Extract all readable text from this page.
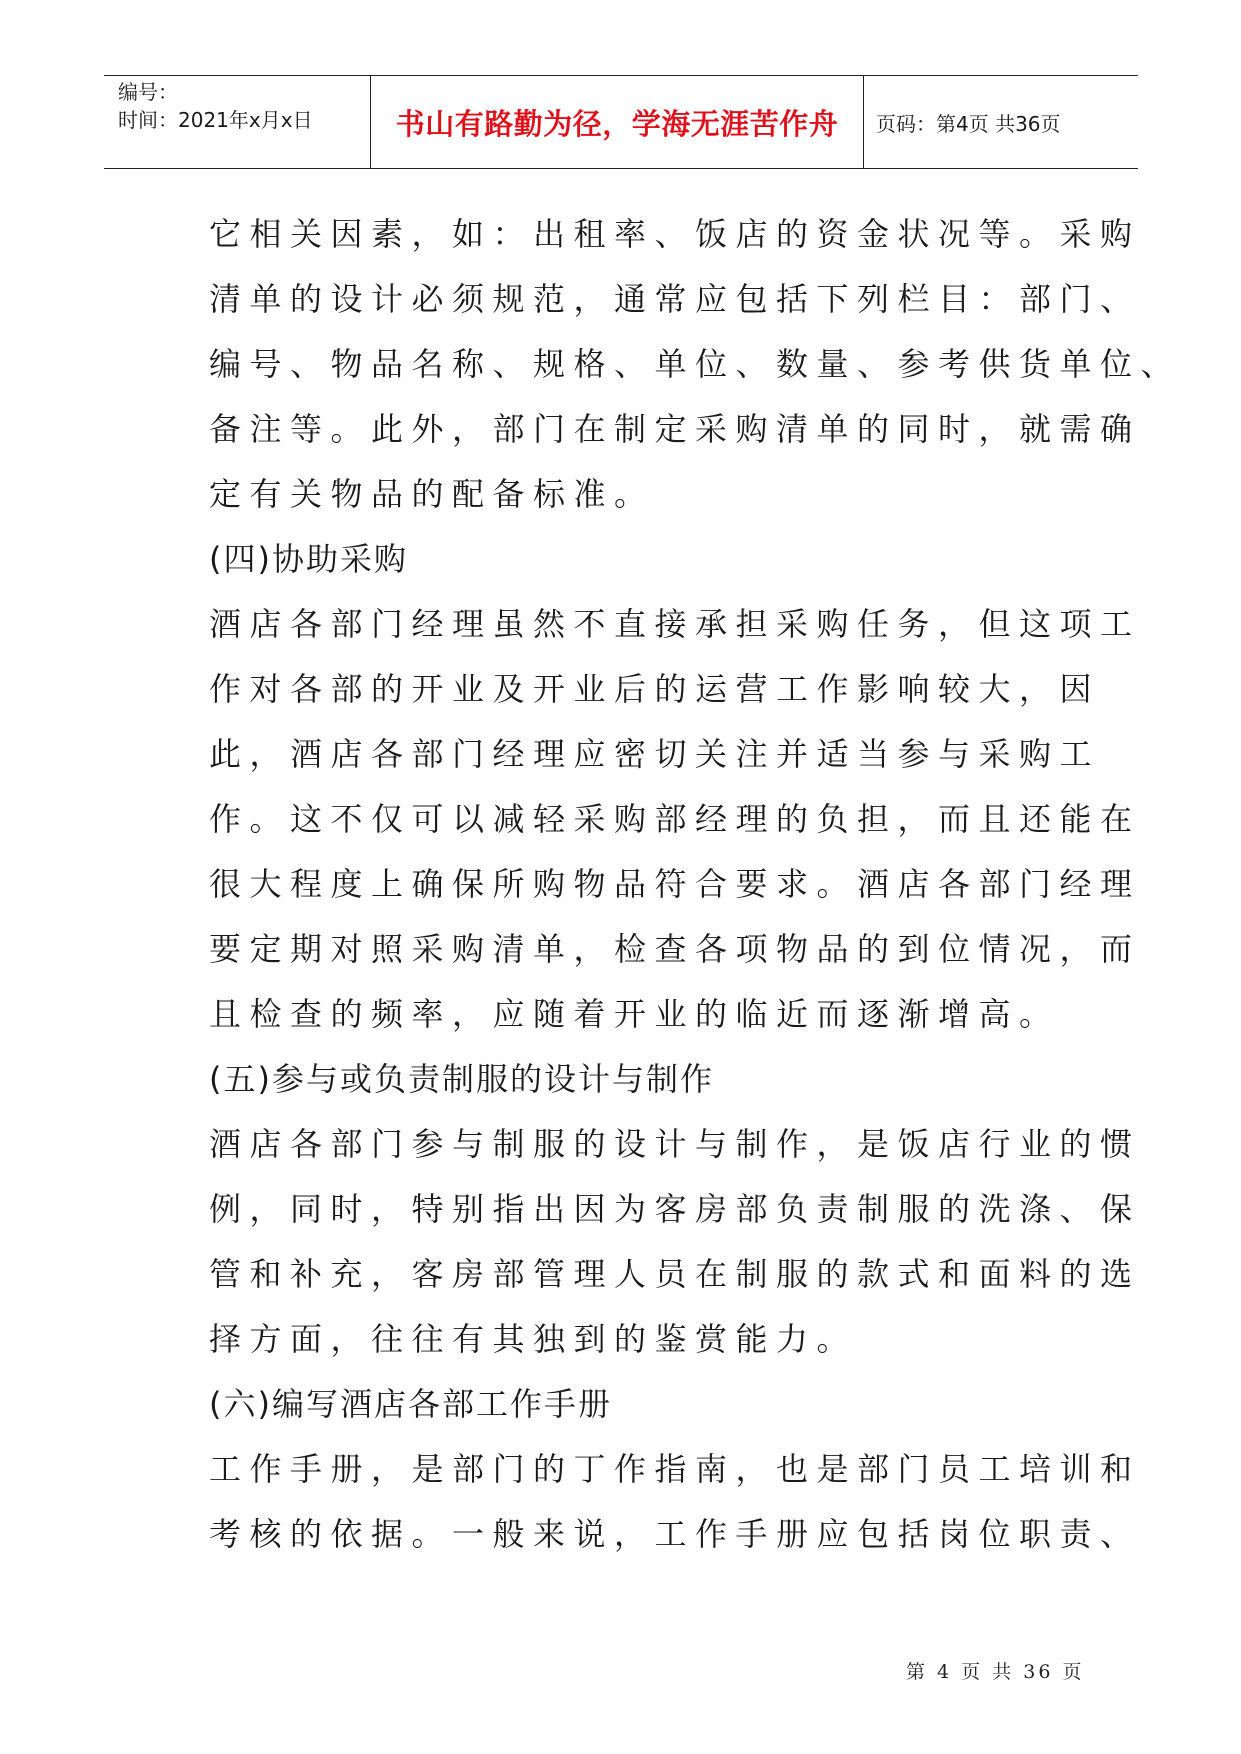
编号：
时间：2021年x月x日	书山有路勤为径，学海无涯苦作舟	页码：第4页 共36页
它相关因素，如：出租率、饭店的资金状况等。采购
清单的设计必须规范，通常应包括下列栏目：部门、
编号、物品名称、规格、单位、数量、参考供货单位、
备注等。此外，部门在制定采购清单的同时，就需确
定有关物品的配备标准。
(四)协助采购
酒店各部门经理虽然不直接承担采购任务，但这项工
作对各部的开业及开业后的运营工作影响较大，因
此，酒店各部门经理应密切关注并适当参与采购工
作。这不仅可以减轻采购部经理的负担，而且还能在
很大程度上确保所购物品符合要求。酒店各部门经理
要定期对照采购清单，检查各项物品的到位情况，而
且检查的频率，应随着开业的临近而逐渐增高。
(五)参与或负责制服的设计与制作
酒店各部门参与制服的设计与制作，是饭店行业的惯
例，同时，特别指出因为客房部负责制服的洗涤、保
管和补充，客房部管理人员在制服的款式和面料的选
择方面，往往有其独到的鉴赏能力。
(六)编写酒店各部工作手册
工作手册，是部门的丁作指南，也是部门员工培训和
考核的依据。一般来说，工作手册应包括岗位职责、
第 4 页 共 36 页
